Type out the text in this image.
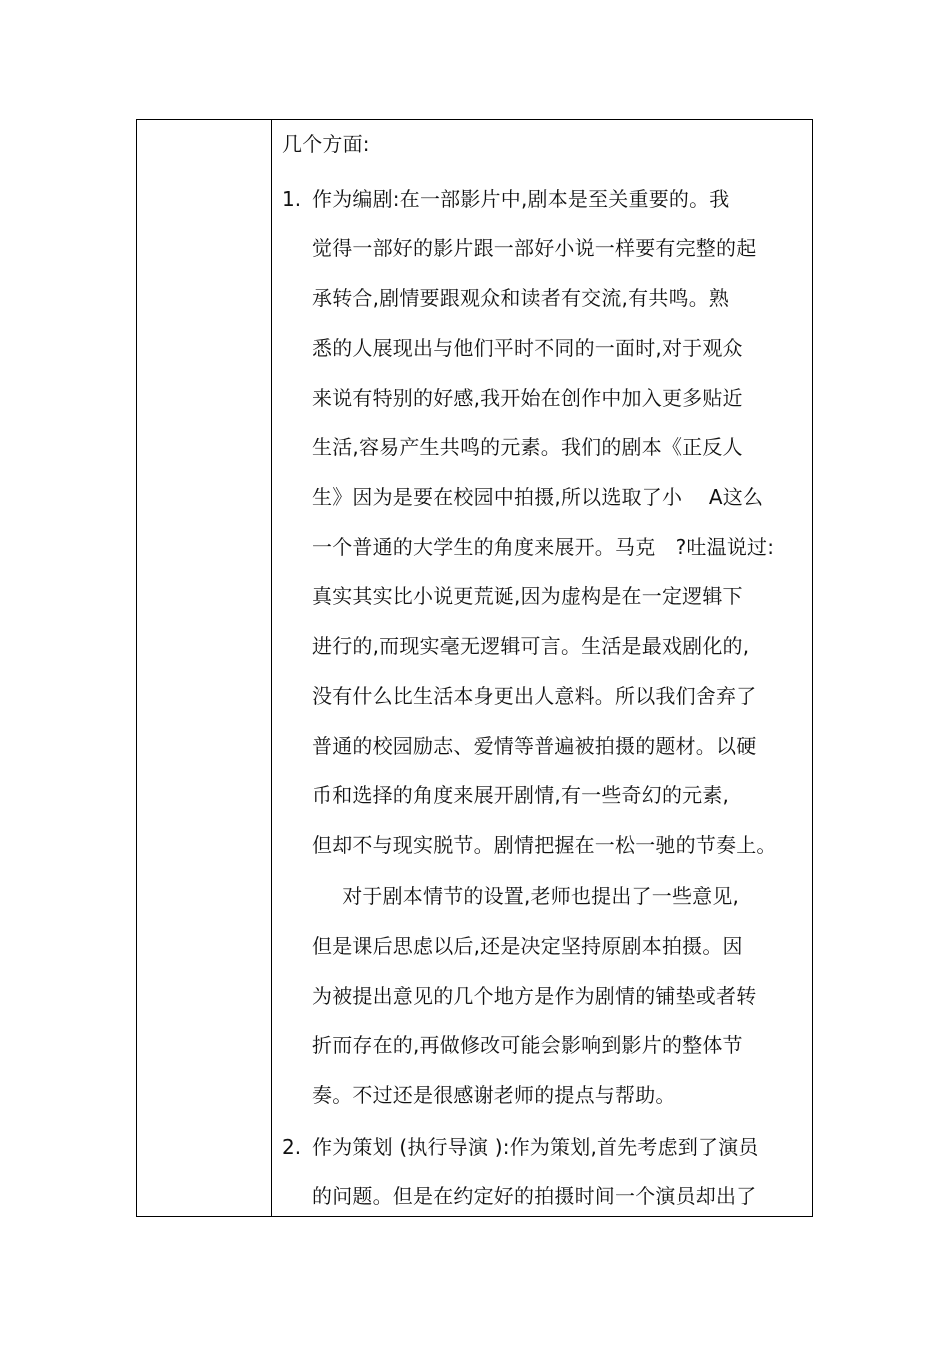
几个方面:
1. 作为编剧:在一部影片中,剧本是至关重要的。我
觉得一部好的影片跟一部好小说一样要有完整的起
承转合,剧情要跟观众和读者有交流,有共鸣。熟
悉的人展现出与他们平时不同的一面时,对于观众
来说有特别的好感,我开始在创作中加入更多贴近
生活,容易产生共鸣的元素。我们的剧本《正反人
生》因为是要在校园中拍摄,所以选取了小　 A这么
一个普通的大学生的角度来展开。马克　?吐温说过:
真实其实比小说更荒诞,因为虚构是在一定逻辑下
进行的,而现实毫无逻辑可言。生活是最戏剧化的,
没有什么比生活本身更出人意料。所以我们舍弃了
普通的校园励志、爱情等普遍被拍摄的题材。以硬
币和选择的角度来展开剧情,有一些奇幻的元素,
但却不与现实脱节。剧情把握在一松一驰的节奏上。
　对于剧本情节的设置,老师也提出了一些意见,
但是课后思虑以后,还是决定坚持原剧本拍摄。因
为被提出意见的几个地方是作为剧情的铺垫或者转
折而存在的,再做修改可能会影响到影片的整体节
奏。不过还是很感谢老师的提点与帮助。
2. 作为策划 (执行导演 ):作为策划,首先考虑到了演员
的问题。但是在约定好的拍摄时间一个演员却出了
